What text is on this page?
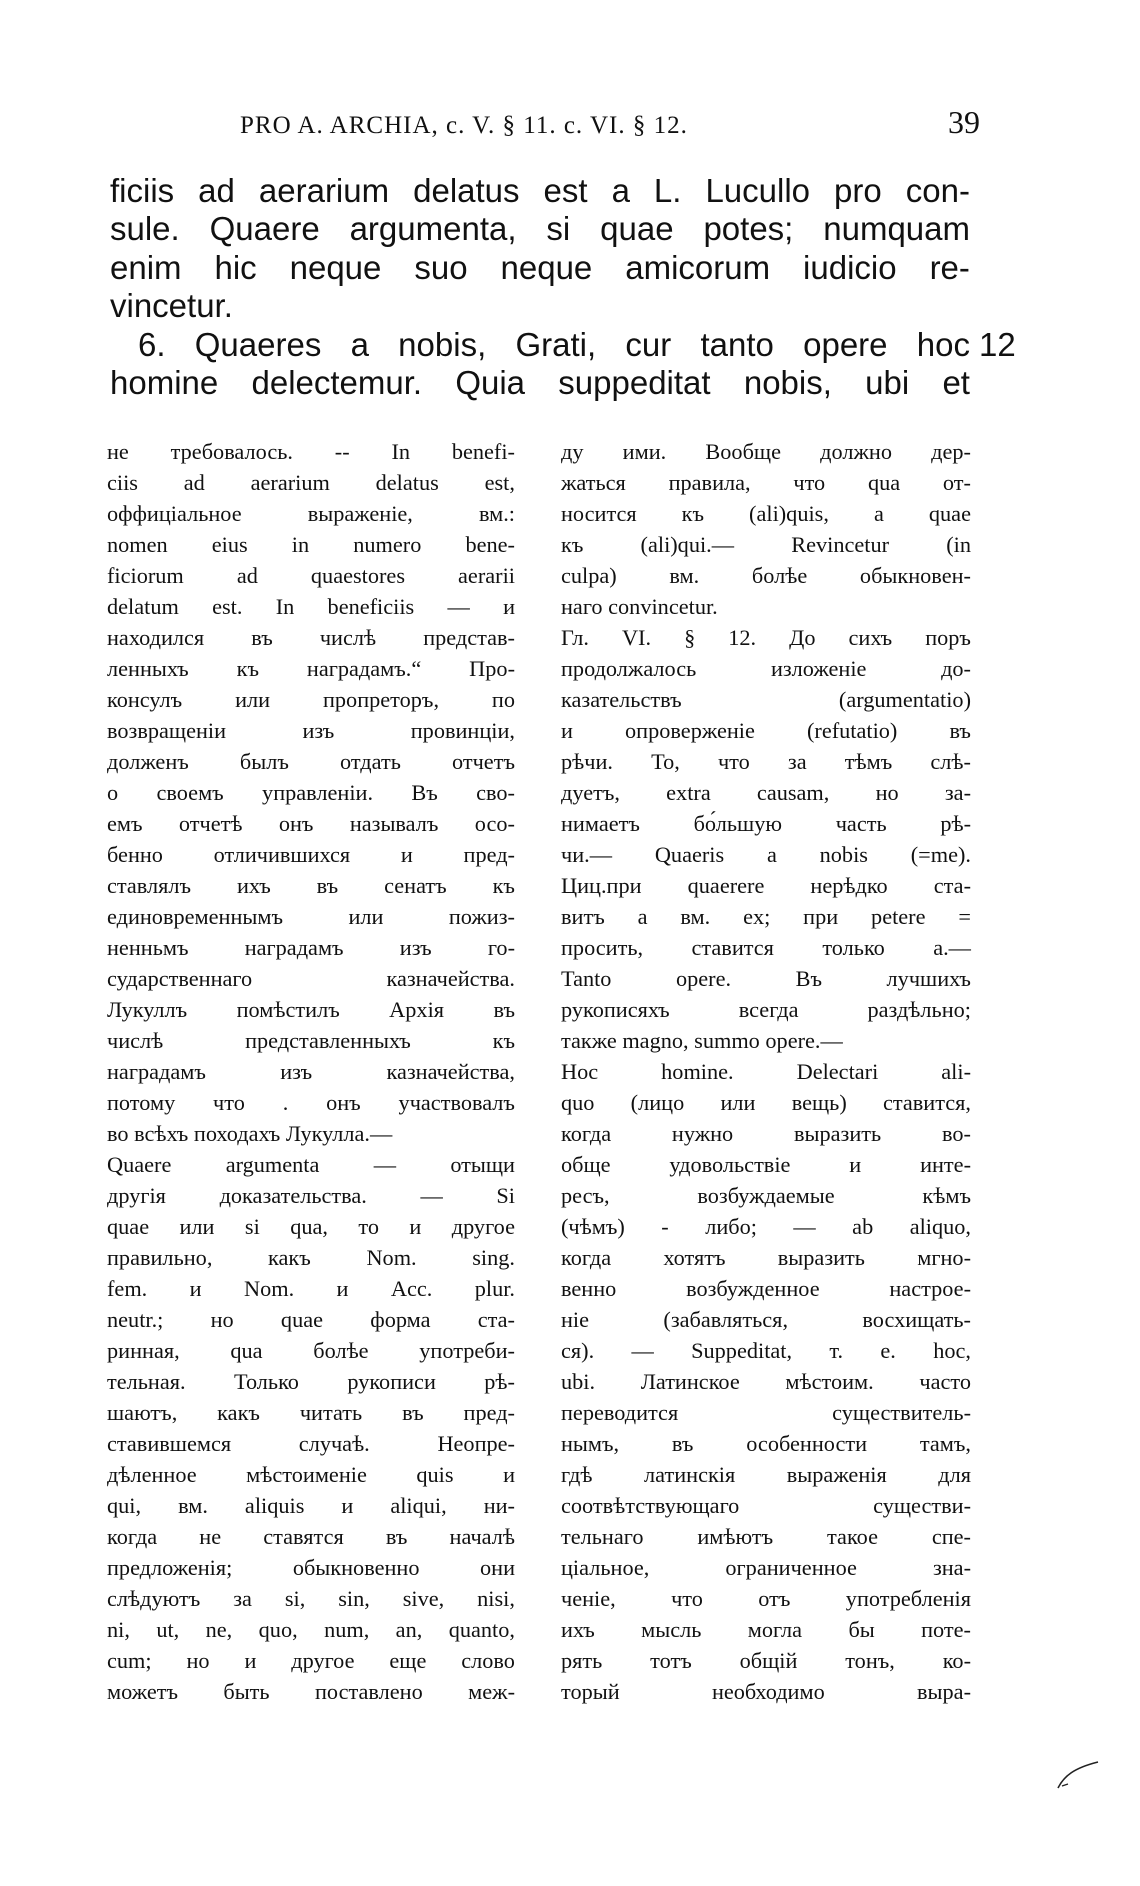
PRO A. ARCHIA, c. V. § 11. c. VI. § 12.	39
ficiis ad aerarium delatus est a L. Lucullo pro con-
sule. Quaere argumenta, si quae potes; numquam
enim hic neque suo neque amicorum iudicio re-
vincetur.
6. Quaeres a nobis, Grati, cur tanto opere hoc
homine delectemur. Quia suppeditat nobis, ubi et
12
не требовалось. -- In benefi-
ciis ad aerarium delatus est,
оффиціальное	выраженіе,	вм.:
nomen eius in numero bene-
ficiorum ad quaestores aerarii
delatum est. In beneficiis — и
находился въ числѣ представ-
ленныхъ къ наградамъ.“ Про-
консулъ или пропреторъ, по
возвращеніи	изъ	провинціи,
долженъ былъ отдать отчетъ
о своемъ управленіи. Въ сво-
емъ отчетѣ онъ называлъ осо-
бенно отличившихся и пред-
ставлялъ ихъ въ сенатъ къ
единовременнымъ	или	пожиз-
ненньмъ	наградамъ	изъ	го-
сударственнаго	казначейства.
Лукуллъ помѣстилъ Архія въ
числѣ	представленныхъ	къ
наградамъ	изъ	казначейства,
потому что . онъ участвовалъ
во всѣхъ походахъ Лукулла.—
Quaere argumenta — отыщи
другія доказательства. — Si
quae или si qua, то и другое
правильно, какъ Nom. sing.
fem. и Nom. и Acc. plur.
neutr.; но quae форма ста-
ринная, qua болѣе употреби-
тельная. Только рукописи рѣ-
шаютъ, какъ читать въ пред-
ставившемся	случаѣ.	Неопре-
дѣленное мѣстоименіе quis и
qui, вм. aliquis и aliqui, ни-
когда не ставятся въ началѣ
предложенія;	обыкновенно	они
слѣдуютъ за si, sin, sive, nisi,
ni, ut, ne, quo, num, an, quanto,
cum; но и другое еще слово
можетъ быть поставлено меж-
ду ими. Вообще должно дер-
жаться правила, что qua от-
носится къ (ali)quis, а quae
къ	(ali)qui.—	Revincetur	(in
culpa) вм. болѣе обыкновен-
наго convincetur.
Гл. VI. § 12. До сихъ поръ
продолжалось	изложеніе	до-
казательствъ	(argumentatio)
и опроверженіе (refutatio) въ
рѣчи. То, что за тѣмъ слѣ-
дуетъ, extra causam, но за-
нимаетъ бо́льшую часть рѣ-
чи.— Quaeris a nobis (=me).
Циц.при quaerere нерѣдко ста-
витъ a вм. ex; при petere =
просить, ставится только a.—
Tanto	opere.	Въ	лучшихъ
рукописяхъ	всегда	раздѣльно;
также magno, summo opere.—
Hoc	homine.	Delectari	ali-
quo (лицо или вещь) ставится,
когда	нужно	выразить	во-
обще	удовольствіе	и	инте-
ресъ,	возбуждаемые	кѣмъ
(чѣмъ) - либо; — ab aliquo,
когда хотятъ выразить мгно-
венно	возбужденное	настрое-
ніе	(забавляться,	восхищать-
ся). — Suppeditat, т. е. hoc,
ubi. Латинское мѣстоим. часто
переводится	существитель-
нымъ, въ особенности тамъ,
гдѣ латинскія выраженія для
соотвѣтствующаго	существи-
тельнаго имѣютъ такое спе-
ціальное,	ограниченное	зна-
ченіе, что отъ употребленія
ихъ мысль могла бы поте-
рять тотъ общій тонъ, ко-
торый	необходимо	выра-
